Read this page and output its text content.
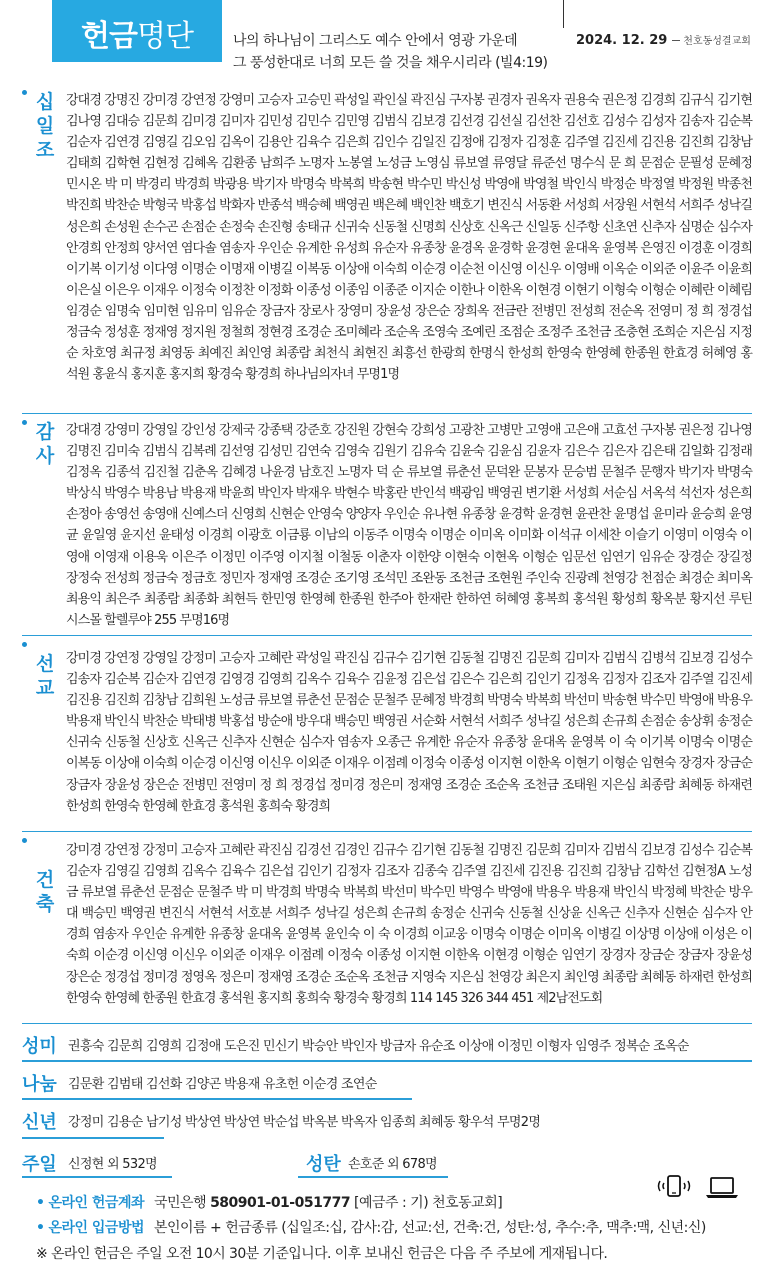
헌금명단	나의 하나님이 그리스도 예수 안에서 영광 가운데
그 풍성한대로 너희 모든 쓸 것을 채우시리라 (빌4:19)
2024. 12. 29 천호동성결교회
십일조
강대경 강명진 강미경 강연정 강영미 고승자 고승민 곽성일 곽인실 곽진심 구자봉 권경자 권옥자 권용숙 권은정 김경희 김규식 김기현 김나영 김대승 김문희 김미경 김미자 김민성 김민수 김민영 김범식 김보경 김선경 김선실 김선찬 김선호 김성수 김성자 김송자 김순복 김순자 김연경 김영길 김오임 김옥이 김용안 김육수 김은희 김인수 김일진 김정애 김정자 김정훈 김주열 김진세 김진용 김진희 김창남 김태희 김학현 김현정 김혜옥 김환종 남희주 노명자 노봉열 노성금 노영심 류보열 류영달 류준선 명수식 문 희 문점순 문필성 문혜정 민시온 박 미 박경리 박경희 박광용 박기자 박명숙 박복희 박송현 박수민 박신성 박영애 박영철 박인식 박정순 박정열 박정원 박종천 박진희 박찬순 박형국 박홍섭 박화자 반종석 백승혜 백영권 백은혜 백인찬 백호기 변진식 서동환 서성희 서장원 서현석 서희주 성낙길 성은희 손성원 손수곤 손점순 손정숙 손진형 송태규 신귀숙 신동철 신명희 신상호 신옥근 신일동 신주항 신초연 신추자 심명순 심수자 안경희 안정희 양서연 염다솔 염송자 우인순 유계한 유성희 유순자 유종창 윤경옥 윤경학 윤경현 윤대옥 윤영복 은영진 이경훈 이경희 이기복 이기성 이다영 이명순 이명재 이병길 이복동 이상애 이숙희 이순경 이순천 이신영 이신우 이영배 이옥순 이외준 이윤주 이윤희 이은실 이은우 이재우 이정숙 이정찬 이정화 이종성 이종임 이종준 이지순 이한나 이한옥 이현경 이현기 이형숙 이형순 이혜란 이혜림 임경순 임명숙 임미현 임유미 임유순 장금자 장로사 장영미 장윤성 장은순 장희옥 전금란 전병민 전성희 전순옥 전영미 정 희 정경섭 정금숙 정성훈 정재영 정지원 정철희 정현경 조경순 조미혜라 조순옥 조영숙 조예린 조점순 조정주 조천금 조충현 조희순 지은심 지정순 차호영 최규정 최영동 최예진 최인영 최종람 최천식 최현진 최흥선 한광희 한명식 한성희 한영숙 한영혜 한종원 한효경 허혜영 홍석원 홍윤식 홍지훈 홍지희 황경숙 황경희 하나님의자녀 무명1명
감사
강대경 강영미 강영일 강인성 강제국 강종택 강준호 강진원 강현숙 강희성 고광찬 고병만 고영애 고은애 고효선 구자봉 권은정 김나영 김명진 김미숙 김범식 김복례 김선영 김성민 김연숙 김영숙 김원기 김유숙 김윤숙 김윤심 김윤자 김은수 김은자 김은태 김일화 김정래 김정옥 김종석 김진철 김춘옥 김혜경 나윤경 남호진 노명자 덕 순 류보열 류춘선 문덕완 문봉자 문승범 문철주 문행자 박기자 박명숙 박상식 박영수 박용남 박용재 박윤희 박인자 박재우 박현수 박홍란 반인석 백광임 백영권 변기환 서성희 서순심 서옥석 석선자 성은희 손정아 송영선 송영애 신예스더 신영희 신현순 안영숙 양양자 우인순 유나현 유종창 윤경학 윤경현 윤관찬 윤명섭 윤미라 윤승희 윤영균 윤일영 윤지선 윤태성 이경희 이광호 이금룡 이남의 이동주 이명숙 이명순 이미옥 이미화 이석규 이세찬 이슬기 이영미 이영숙 이영애 이영재 이용욱 이은주 이정민 이주영 이지철 이철동 이춘자 이한양 이현숙 이현옥 이형순 임문선 임연기 임유순 장경순 장길정 장정숙 전성희 정금숙 정금호 정민자 정재영 조경순 조기영 조석민 조완동 조천금 조현원 주인숙 진광례 천영강 천점순 최경순 최미옥 최용익 최은주 최종람 최종화 최현득 한민영 한영혜 한종원 한주아 한재란 한하연 허혜영 홍복희 홍석원 황성희 황옥분 황지선 루틴 시스몰 할렐루야 255 무명16명
선교
강미경 강연정 강영일 강정미 고승자 고혜란 곽성일 곽진심 김규수 김기현 김동철 김명진 김문희 김미자 김범식 김병석 김보경 김성수 김송자 김순복 김순자 김연경 김영경 김영희 김옥수 김육수 김윤정 김은섭 김은수 김은희 김인기 김정옥 김정자 김조자 김주열 김진세 김진용 김진희 김창남 김희원 노성금 류보열 류춘선 문점순 문철주 문혜정 박경희 박명숙 박복희 박선미 박송현 박수민 박영애 박용우 박용재 박인식 박찬순 박태병 박홍섭 방순애 방우대 백승민 백영권 서순화 서현석 서희주 성낙길 성은희 손규희 손점순 송상휘 송정순 신귀숙 신동철 신상호 신옥근 신추자 신현순 심수자 염송자 오종근 유계한 유순자 유종창 윤대옥 윤영복 이 숙 이기복 이명숙 이명순 이복동 이상애 이숙희 이순경 이신영 이신우 이외준 이재우 이점례 이정숙 이종성 이지현 이한옥 이현기 이형순 임현숙 장경자 장금순 장금자 장윤성 장은순 전병민 전영미 정 희 정경섭 정미경 정은미 정재영 조경순 조순옥 조천금 조태원 지은심 최종람 최혜동 하재련 한성희 한영숙 한영혜 한효경 홍석원 홍희숙 황경희
건축
강미경 강연정 강정미 고승자 고혜란 곽진심 김경선 김경인 김규수 김기현 김동철 김명진 김문희 김미자 김범식 김보경 김성수 김순복 김순자 김영길 김영희 김옥수 김육수 김은섭 김인기 김정자 김조자 김종숙 김주열 김진세 김진용 김진희 김창남 김학선 김현정A 노성금 류보열 류춘선 문점순 문철주 박 미 박경희 박명숙 박복희 박선미 박수민 박영수 박영애 박용우 박용재 박인식 박정혜 박찬순 방우대 백승민 백영권 변진식 서현석 서호분 서희주 성낙길 성은희 손규희 송정순 신귀숙 신동철 신상윤 신옥근 신추자 신현순 심수자 안경희 염송자 우인순 유계한 유종창 윤대옥 윤영복 윤인숙 이 숙 이경희 이교웅 이명숙 이명순 이미옥 이병길 이상명 이상애 이성은 이숙희 이순경 이신영 이신우 이외준 이재우 이점례 이정숙 이종성 이지현 이한옥 이현경 이형순 임연기 장경자 장금순 장금자 장윤성 장은순 정경섭 정미경 정영옥 정은미 정재영 조경순 조순옥 조천금 지영숙 지은심 천영강 최은지 최인영 최종람 최혜동 하재련 한성희 한영숙 한영혜 한종원 한효경 홍석원 홍지희 홍희숙 황경숙 황경희 114 145 326 344 451 제2남전도회
성미 권흥숙 김문희 김영희 김정애 도은진 민신기 박승안 박인자 방금자 유순조 이상애 이정민 이형자 임영주 정복순 조옥순
나눔 김문환 김범태 김선화 김양곤 박용재 유초헌 이순경 조연순
신년 강정미 김용순 남기성 박상연 박상연 박순섭 박옥분 박옥자 임종희 최혜동 황우석 무명2명
주일 신정현 외 532명	성탄 손호준 외 678명
• 온라인 헌금계좌 국민은행 580901-01-051777 [예금주 : 기) 천호동교회]
• 온라인 입금방법 본인이름 + 헌금종류 (십일조:십, 감사:감, 선교:선, 건축:건, 성탄:성, 추수:추, 맥추:맥, 신년:신)
※ 온라인 헌금은 주일 오전 10시 30분 기준입니다. 이후 보내신 헌금은 다음 주 주보에 게재됩니다.
